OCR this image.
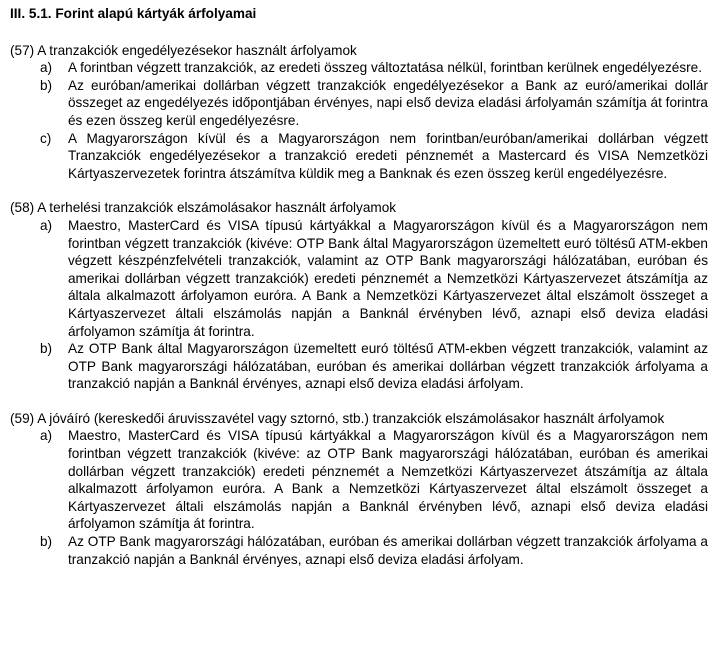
III. 5.1. Forint alapú kártyák árfolyamai

(57) A tranzakciók engedélyezésekor használt árfolyamok

a)	A forintban végzett tranzakciók, az eredeti összeg változtatása nélkül, forintban kerülnek engedélyezésre.
b)	Az euróban/amerikai dollárban végzett tranzakciók engedélyezésekor a Bank az euró/amerikai dollár összeget az engedélyezés időpontjában érvényes, napi első deviza eladási árfolyamán számítja át forintra és ezen összeg kerül engedélyezésre.
c)	A Magyarországon kívül és a Magyarországon nem forintban/euróban/amerikai dollárban végzett Tranzakciók engedélyezésekor a tranzakció eredeti pénznemét a Mastercard és VISA Nemzetközi Kártyaszervezetek forintra átszámítva küldik meg a Banknak és ezen összeg kerül engedélyezésre.

(58) A terhelési tranzakciók elszámolásakor használt árfolyamok

a)	Maestro, MasterCard és VISA típusú kártyákkal a Magyarországon kívül és a Magyarországon nem forintban végzett tranzakciók (kivéve: OTP Bank által Magyarországon üzemeltett euró töltésű ATM-ekben végzett készpénzfelvételi tranzakciók, valamint az OTP Bank magyarországi hálózatában, euróban és amerikai dollárban végzett tranzakciók) eredeti pénznemét a Nemzetközi Kártyaszervezet átszámítja az általa alkalmazott árfolyamon euróra. A Bank a Nemzetközi Kártyaszervezet által elszámolt összeget a Kártyaszervezet általi elszámolás napján a Banknál érvényben lévő, aznapi első deviza eladási árfolyamon számítja át forintra.
b)	Az OTP Bank által Magyarországon üzemeltett euró töltésű ATM-ekben végzett tranzakciók, valamint az OTP Bank magyarországi hálózatában, euróban és amerikai dollárban végzett tranzakciók árfolyama a tranzakció napján a Banknál érvényes, aznapi első deviza eladási árfolyam.

(59) A jóváíró (kereskedői áruvisszavétel vagy sztornó, stb.) tranzakciók elszámolásakor használt árfolyamok

a)	Maestro, MasterCard és VISA típusú kártyákkal a Magyarországon kívül és a Magyarországon nem forintban végzett tranzakciók (kivéve: az OTP Bank magyarországi hálózatában, euróban és amerikai dollárban végzett tranzakciók) eredeti pénznemét a Nemzetközi Kártyaszervezet átszámítja az általa alkalmazott árfolyamon euróra. A Bank a Nemzetközi Kártyaszervezet által elszámolt összeget a Kártyaszervezet általi elszámolás napján a Banknál érvényben lévő, aznapi első deviza eladási árfolyamon számítja át forintra.
b)	Az OTP Bank magyarországi hálózatában, euróban és amerikai dollárban végzett tranzakciók árfolyama a tranzakció napján a Banknál érvényes, aznapi első deviza eladási árfolyam.
